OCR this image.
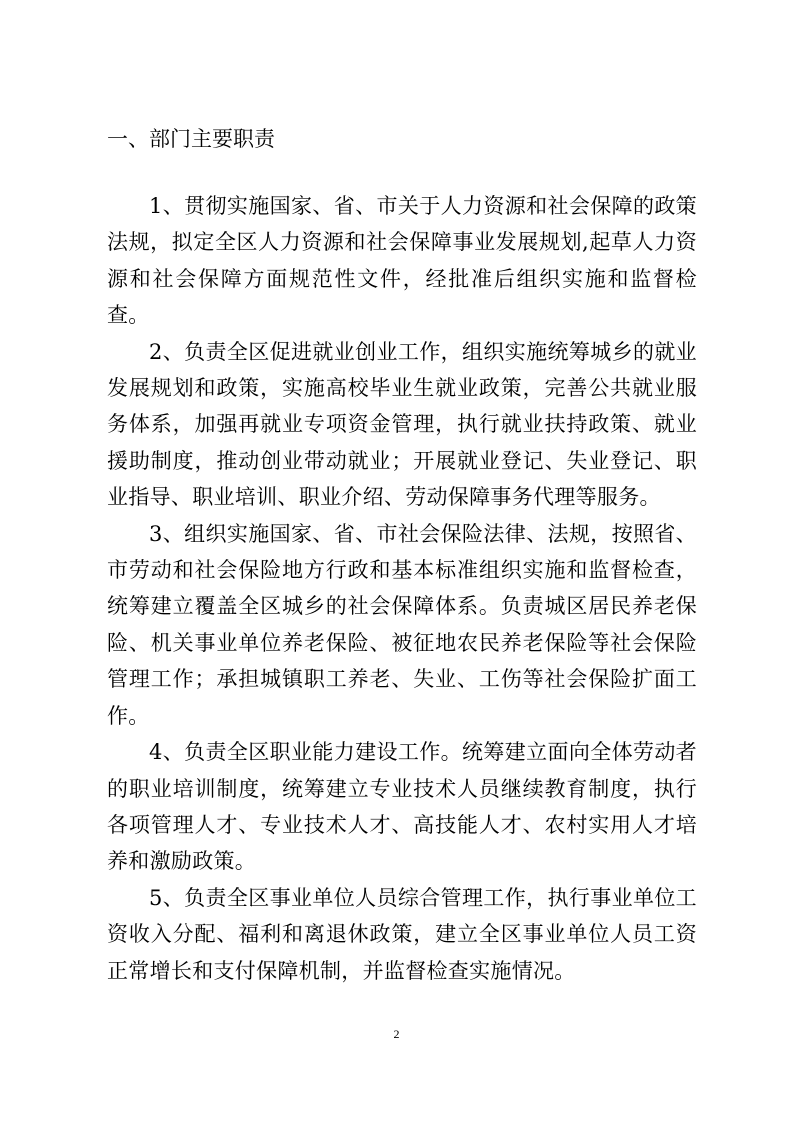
一、部门主要职责

1、贯彻实施国家、省、市关于人力资源和社会保障的政策法规，拟定全区人力资源和社会保障事业发展规划,起草人力资源和社会保障方面规范性文件，经批准后组织实施和监督检查。

2、负责全区促进就业创业工作，组织实施统筹城乡的就业发展规划和政策，实施高校毕业生就业政策，完善公共就业服务体系，加强再就业专项资金管理，执行就业扶持政策、就业援助制度，推动创业带动就业；开展就业登记、失业登记、职业指导、职业培训、职业介绍、劳动保障事务代理等服务。

3、组织实施国家、省、市社会保险法律、法规，按照省、市劳动和社会保险地方行政和基本标准组织实施和监督检查，统筹建立覆盖全区城乡的社会保障体系。负责城区居民养老保险、机关事业单位养老保险、被征地农民养老保险等社会保险管理工作；承担城镇职工养老、失业、工伤等社会保险扩面工作。

4、负责全区职业能力建设工作。统筹建立面向全体劳动者的职业培训制度，统筹建立专业技术人员继续教育制度，执行各项管理人才、专业技术人才、高技能人才、农村实用人才培养和激励政策。

5、负责全区事业单位人员综合管理工作，执行事业单位工资收入分配、福利和离退休政策，建立全区事业单位人员工资正常增长和支付保障机制，并监督检查实施情况。

2
